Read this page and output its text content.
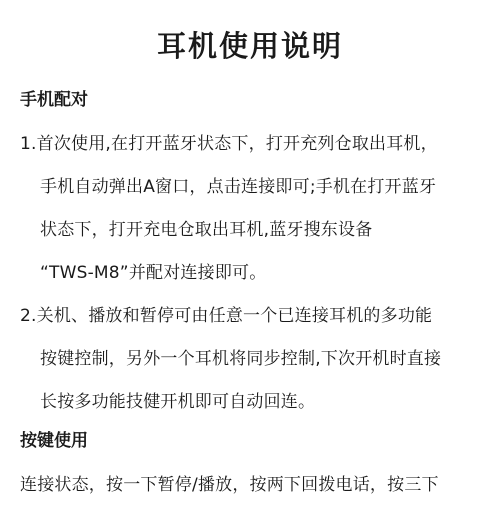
耳机使用说明
手机配对
1.首次使用,在打开蓝牙状态下，打开充列仓取出耳机，
手机自动弹出A窗口，点击连接即可;手机在打开蓝牙
状态下，打开充电仓取出耳机,蓝牙搜东设备
“TWS-M8”并配对连接即可。
2.关机、播放和暂停可由任意一个已连接耳机的多功能
按键控制，另外一个耳机将同步控制,下次开机时直接
长按多功能技健开机即可自动回连。
按键使用
连接状态，按一下暂停/播放，按两下回拨电话，按三下
